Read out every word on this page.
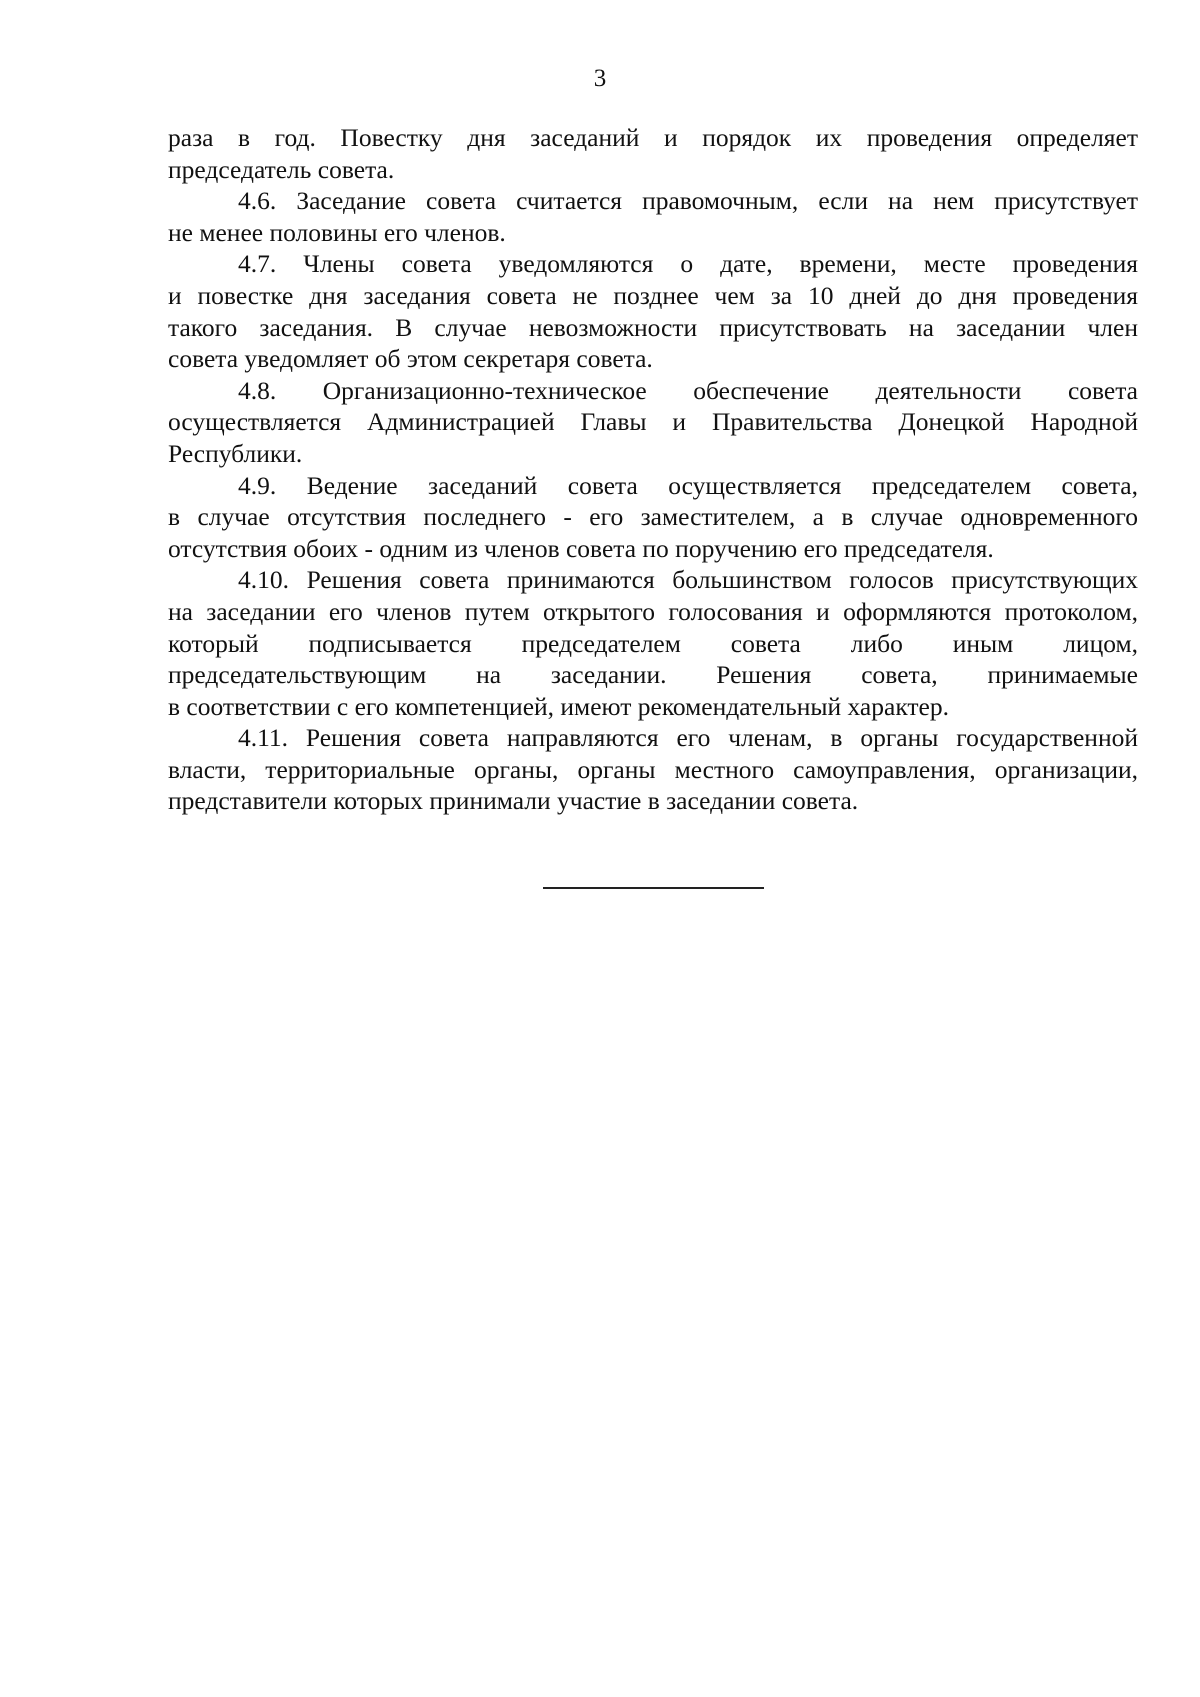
3

раза в год. Повестку дня заседаний и порядок их проведения определяет
председатель совета.

4.6. Заседание совета считается правомочным, если на нем присутствует
не менее половины его членов.

4.7. Члены совета уведомляются о дате, времени, месте проведения
и повестке дня заседания совета не позднее чем за 10 дней до дня проведения
такого заседания. В случае невозможности присутствовать на заседании член
совета уведомляет об этом секретаря совета.

4.8. Организационно-техническое обеспечение деятельности совета
осуществляется Администрацией Главы и Правительства Донецкой Народной
Республики.

4.9. Ведение заседаний совета осуществляется председателем совета,
в случае отсутствия последнего - его заместителем, а в случае одновременного
отсутствия обоих - одним из членов совета по поручению его председателя.

4.10. Решения совета принимаются большинством голосов присутствующих
на заседании его членов путем открытого голосования и оформляются протоколом,
который подписывается председателем совета либо иным лицом,
председательствующим на заседании. Решения совета, принимаемые
в соответствии с его компетенцией, имеют рекомендательный характер.

4.11. Решения совета направляются его членам, в органы государственной
власти, территориальные органы, органы местного самоуправления, организации,
представители которых принимали участие в заседании совета.
